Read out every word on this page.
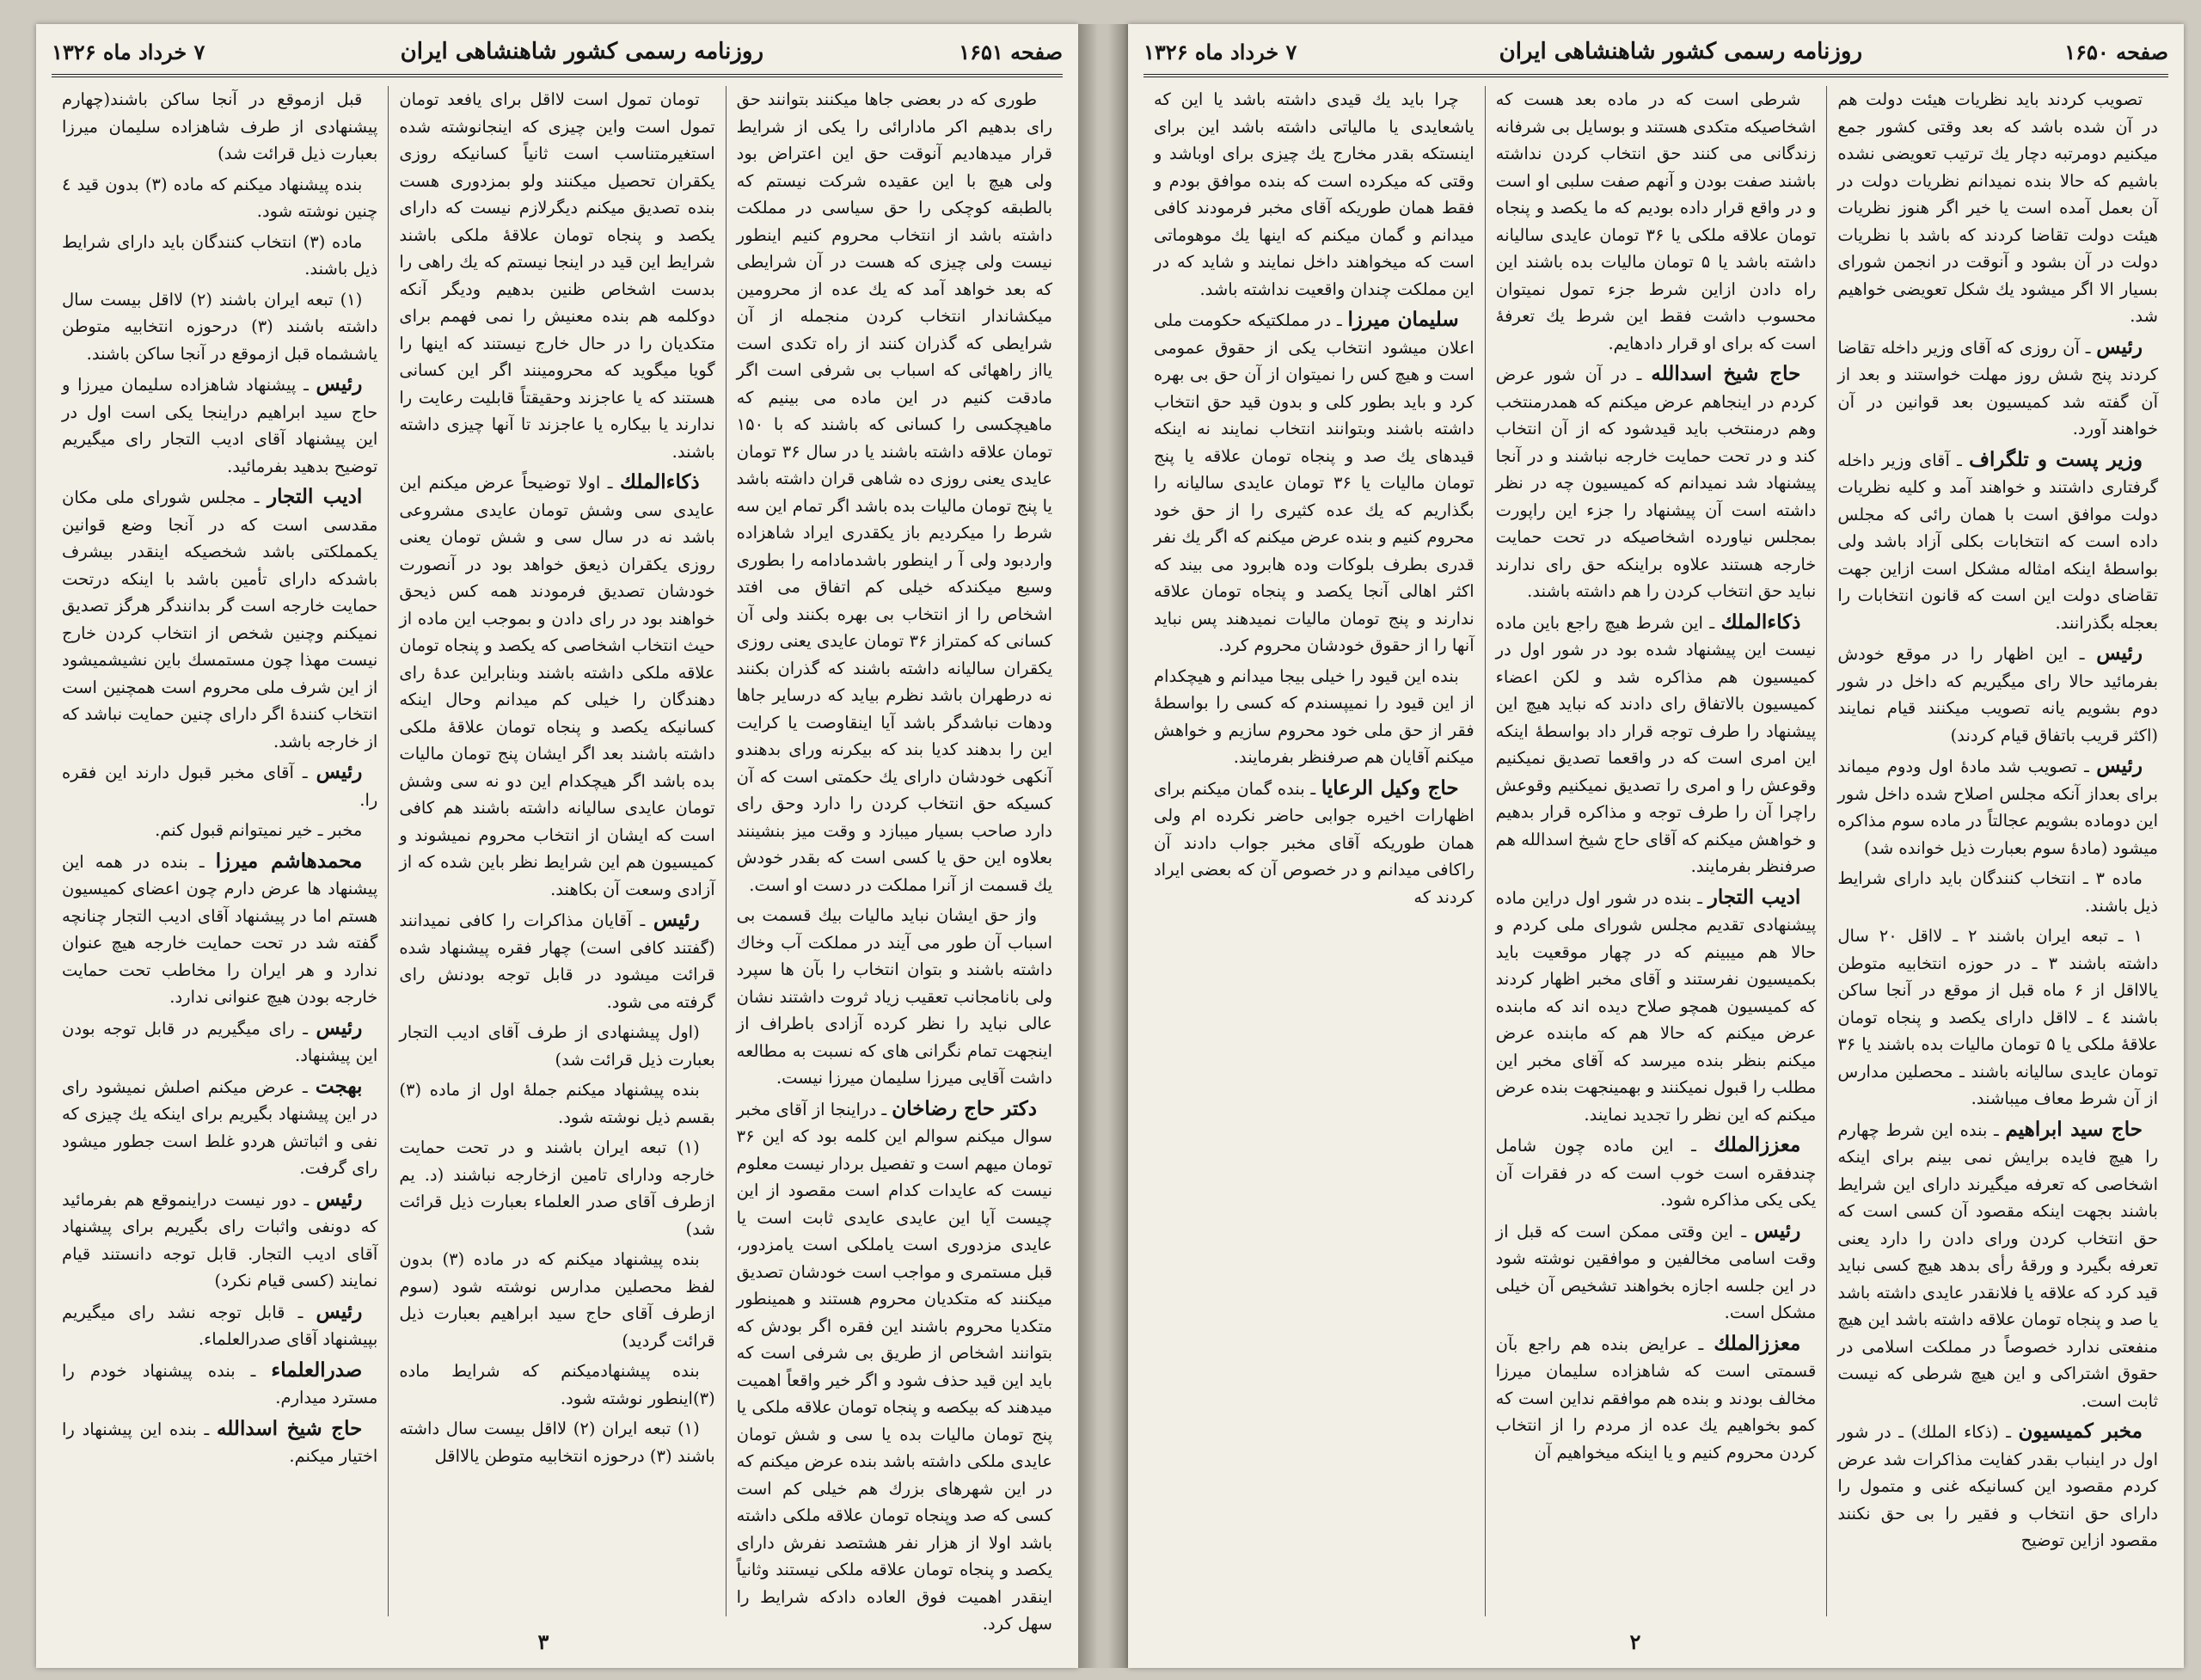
صفحه ۱۶۵۱
روزنامه رسمی کشور شاهنشاهی ایران
۷ خرداد ماه ۱۳۲۶

طوری که در بعضی جاها میکنند بتوانند حق رای بدهیم اکر مادارائی را یکی از شرایط قرار میدهادیم آنوقت حق این اعتراض بود ولی هیچ با این عقیده شرکت نیستم که بالطبقه کوچکی را حق سیاسی در مملکت داشته باشد از انتخاب محروم کنیم اینطور نیست ولی چیزی که هست در آن شرایطی که بعد خواهد آمد که یك عده از محرومین میکشاندار انتخاب کردن منجمله از آن شرایطی که گذران کنند از راه تکدی است یااز راههائی که اسباب بی شرفی است اگر مادقت کنیم در این ماده می بینیم که ماهیچکسی را کسانی که باشند که با ۱۵۰ تومان علاقه داشته باشند یا در سال ۳۶ تومان عایدی یعنی روزی ده شاهی قران داشته باشد یا پنج تومان مالیات بده باشد اگر تمام این سه شرط را میکردیم باز یکقدری ایراد شاهزاده واردبود ولی آ ر اینطور باشدمادامه را بطوری وسیع میکندکه خیلی کم اتفاق می افتد اشخاص را از انتخاب بی بهره بکنند ولی آن کسانی که کمتراز ۳۶ تومان عایدی یعنی روزی یکقران سالیانه داشته باشند که گذران بکنند نه درطهران باشد نظرم بیاید که درسایر جاها ودهات نباشدگر باشد آیا اینقاوصت یا کرایت این را بدهند کدیا بند که بیکرنه وراى بدهندو آنکهی خودشان دارای یك حکمتی است که آن کسیکه حق انتخاب کردن را دارد وحق رای دارد صاحب بسیار میبازد و وقت میز بنشینند بعلاوه این حق یا کسی است که بقدر خودش یك قسمت از آنرا مملکت در دست او است.

واز حق ایشان نباید مالیات بیك قسمت بی اسباب آن طور می آیند در مملکت آب وخاك داشته باشند و بتوان انتخاب را بآن ها سپرد ولی بانامجانب تعقیب زیاد ثروت داشتند نشان عالی نباید را نظر کرده آزادی باطراف از اینجهت تمام نگرانی های که نسبت به مطالعه داشت آقایی میرزا سلیمان میرزا نیست.

دکتر حاج رضاخان ـ دراینجا از آقای مخبر سوال میکنم سوالم این کلمه بود که این ۳۶ تومان میهم است و تفصیل بردار نیست معلوم نیست که عایدات کدام است مقصود از این چیست آیا این عایدی عایدی ثابت است یا عایدی مزدوری است یاملکی است یامزدور، قبل مستمری و مواجب است خودشان تصدیق میکنند که متکدیان محروم هستند و همینطور متکدیا محروم باشند این فقره اگر بودش که بتوانند اشخاص از طریق بی شرفی است که باید این قید حذف شود و اگر خیر واقعاً اهمیت میدهند که بیکصه و پنجاه تومان علاقه ملکی یا پنج تومان مالیات بده یا سی و شش تومان عایدی ملکی داشته باشد بنده عرض میکنم که در این شهرهای بزرك هم خیلی کم است کسی که صد وپنجاه تومان علاقه ملکی داشته باشد اولا از هزار نفر هشتصد نفرش دارای یکصد و پنجاه تومان علاقه ملکی نیستند وثانیاً اینقدر اهمیت فوق العاده دادکه شرایط را سهل کرد.

تومان تمول است لااقل برای یافعد تومان تمول است واین چیزی که اینجانوشته شده استغیرمتناسب است ثانیاً کسانیکه روزی یکقران تحصیل میکنند ولو بمزدوری هست بنده تصدیق میکنم دیگرلازم نیست که دارای یکصد و پنجاه تومان علاقهٔ ملکی باشند شرایط این قید در اینجا نیستم که یك راهی را بدست اشخاص ظنین بدهیم ودیگر آنکه دوکلمه هم بنده معنیش را نمی فهمم برای متکدیان را در حال خارج نیستند که اینها را گویا میگوید که محرومینند اگر این کسانی هستند که یا عاجزند وحقیقتاً قابلیت رعایت را ندارند یا بیکاره یا عاجزند تا آنها چیزی داشته باشند.

ذکاءالملك ـ اولا توضیحاً عرض میکنم این عایدی سی وشش تومان عایدی مشروعی باشد نه در سال سی و شش تومان یعنی روزی یکقران ذیعق خواهد بود در آنصورت خودشان تصدیق فرمودند همه کس ذیحق خواهند بود در رای دادن و بموجب این ماده از حیث انتخاب اشخاصی که یکصد و پنجاه تومان علاقه ملکی داشته باشند وبنابراین عدهٔ رای دهندگان را خیلی کم میدانم وحال اینکه کسانیکه یکصد و پنجاه تومان علاقهٔ ملکی داشته باشند بعد اگر ایشان پنج تومان مالیات بده باشد اگر هیچکدام این دو نه سی وشش تومان عایدی سالیانه داشته باشند هم کافی است که ایشان از انتخاب محروم نمیشوند و کمیسیون هم این شرایط نظر باین شده که از آزادی وسعت آن بکاهند.

رئیس ـ آقایان مذاکرات را کافی نمیدانند (گفتند کافی است) چهار فقره پیشنهاد شده قرائت میشود در قابل توجه بودنش رای گرفته می شود.

(اول پیشنهادی از طرف آقای ادیب التجار بعبارت ذیل قرائت شد)

بنده پیشنهاد میکنم جملهٔ اول از ماده (۳) بقسم ذیل نوشته شود.

(۱) تبعه ایران باشند و در تحت حمایت خارجه ودارای تامین ازخارجه نباشند (د. یم ازطرف آقای صدر العلماء بعبارت ذیل قرائت شد)

بنده پیشنهاد میکنم که در ماده (۳) بدون لفظ محصلین مدارس نوشته شود (سوم ازطرف آقای حاج سید ابراهیم بعبارت ذیل قرائت گردید)

بنده پیشنهادمیکنم که شرایط ماده (۳)اینطور نوشته شود.

(۱) تبعه ایران (۲) لااقل بیست سال داشته باشند (۳) درحوزه انتخابیه متوطن یالااقل

قبل ازموقع در آنجا ساکن باشند(چهارم پیشنهادی از طرف شاهزاده سلیمان میرزا بعبارت ذیل قرائت شد)

بنده پیشنهاد میکنم که ماده (۳) بدون قید ٤ چنین نوشته شود.

ماده (۳) انتخاب کنندگان باید دارای شرایط ذیل باشند.

(۱) تبعه ایران باشند (۲) لااقل بیست سال داشته باشند (۳) درحوزه انتخابیه متوطن یاششماه قبل ازموقع در آنجا ساکن باشند.

رئیس ـ پیشنهاد شاهزاده سلیمان میرزا و حاج سید ابراهیم دراینجا یکی است اول در این پیشنهاد آقای ادیب التجار رای میگیریم توضیح بدهید بفرمائید.

ادیب التجار ـ مجلس شورای ملی مکان مقدسی است که در آنجا وضع قوانین یکمملکتی باشد شخصیکه اینقدر بیشرف باشدکه دارای تأمین باشد با اینکه درتحت حمایت خارجه است گر بدانندگر هرگز تصدیق نمیکنم وچنین شخص از انتخاب کردن خارج نیست مهذا چون مستمسك باین نشیشمیشود از این شرف ملی محروم است همچنین است انتخاب کنندهٔ اگر دارای چنین حمایت نباشد که از خارجه باشد.

رئیس ـ آقای مخبر قبول دارند این فقره را.

مخبر ـ خیر نمیتوانم قبول کنم.

محمدهاشم میرزا ـ بنده در همه این پیشنهاد ها عرض دارم چون اعضای کمیسیون هستم اما در پیشنهاد آقای ادیب التجار چنانچه گفته شد در تحت حمایت خارجه هیچ عنوان ندارد و هر ایران را مخاطب تحت حمایت خارجه بودن هیچ عنوانی ندارد.

رئیس ـ رای میگیریم در قابل توجه بودن این پیشنهاد.

بهجت ـ عرض میکنم اصلش نمیشود رای در این پیشنهاد بگیریم برای اینکه یك چیزی که نفی و اثباتش هردو غلط است جطور میشود رای گرفت.

رئیس ـ دور نیست دراینموقع هم بفرمائید که دونفی واثبات رای بگیریم برای پیشنهاد آقای ادیب التجار. قابل توجه دانستند قیام نمایند (کسی قیام نکرد)

رئیس ـ قابل توجه نشد رای میگیریم بپیشنهاد آقای صدرالعلماء.

صدرالعلماء ـ بنده پیشنهاد خودم را مسترد میدارم.

حاج شیخ اسدالله ـ بنده این پیشنهاد را اختیار میکنم.

۳
صفحه ۱۶۵۰
روزنامه رسمی کشور شاهنشاهی ایران
۷ خرداد ماه ۱۳۲۶

تصویب کردند باید نظریات هیئت دولت هم در آن شده باشد که بعد وقتی کشور جمع میکنیم دومرتبه دچار یك ترتیب تعویضی نشده باشیم که حالا بنده نمیدانم نظریات دولت در آن بعمل آمده است یا خیر اگر هنوز نظریات هیئت دولت تقاضا کردند که باشد با نظریات دولت در آن بشود و آنوقت در انجمن شورای بسیار الا اگر میشود یك شکل تعویضی خواهیم شد.

رئیس ـ آن روزی که آقای وزیر داخله تقاضا کردند پنج شش روز مهلت خواستند و بعد از آن گفته شد کمیسیون بعد قوانین در آن خواهند آورد.

وزیر پست و تلگراف ـ آقای وزیر داخله گرفتاری داشتند و خواهند آمد و کلیه نظریات دولت موافق است با همان رائی که مجلس داده است که انتخابات بکلی آزاد باشد ولی بواسطهٔ اینکه امثاله مشکل است ازاین جهت تقاضای دولت این است که قانون انتخابات را بعجله بگذرانند.

رئیس ـ این اظهار را در موقع خودش بفرمائید حالا رای میگیریم که داخل در شور دوم بشویم یانه تصویب میکنند قیام نمایند (اکثر قریب باتفاق قیام کردند)

رئیس ـ تصویب شد مادهٔ اول ودوم میماند برای بعداز آنکه مجلس اصلاح شده داخل شور این دوماده بشویم عجالتاً در ماده سوم مذاکره میشود (مادهٔ سوم بعبارت ذیل خوانده شد)

ماده ۳ ـ انتخاب کنندگان باید دارای شرایط ذیل باشند.

۱ ـ تبعه ایران باشند ۲ ـ لااقل ۲۰ سال داشته باشند ۳ ـ در حوزه انتخابیه متوطن یالااقل از ۶ ماه قبل از موقع در آنجا ساکن باشند ٤ ـ لااقل دارای یکصد و پنجاه تومان علاقهٔ ملکی یا ۵ تومان مالیات بده باشند یا ۳۶ تومان عایدی سالیانه باشند ـ محصلین مدارس از آن شرط معاف میباشند.

حاج سید ابراهیم ـ بنده این شرط چهارم را هیچ فایده برایش نمی بینم برای اینکه اشخاصی که تعرفه میگیرند دارای این شرایط باشند بجهت اینکه مقصود آن کسی است که حق انتخاب کردن وراى دادن را دارد یعنی تعرفه بگیرد و ورقهٔ رأی بدهد هیچ کسی نباید قید کرد که علاقه یا فلانقدر عایدی داشته باشد یا صد و پنجاه تومان علاقه داشته باشد این هیچ منفعتی ندارد خصوصاً در مملکت اسلامی در حقوق اشتراکی و این هیچ شرطی که نیست ثابت است.

مخبر کمیسیون ـ (ذکاء الملك) ـ در شور اول در اینباب بقدر کفایت مذاکرات شد عرض کردم مقصود این کسانیکه غنی و متمول را دارای حق انتخاب و فقیر را بی حق نکنند مقصود ازاین توضیح

شرطی است که در ماده بعد هست که اشخاصیکه متکدی هستند و بوسایل بی شرفانه زندگانی می کنند حق انتخاب کردن نداشته باشند صفت بودن و آنهم صفت سلبی او است و در واقع قرار داده بودیم که ما یکصد و پنجاه تومان علاقه ملکی یا ۳۶ تومان عایدی سالیانه داشته باشد یا ۵ تومان مالیات بده باشند این راه دادن ازاین شرط جزء تمول نمیتوان محسوب داشت فقط این شرط یك تعرفهٔ است که برای او قرار دادهایم.

حاج شیخ اسدالله ـ در آن شور عرض کردم در اینجاهم عرض میکنم که همدرمنتخب وهم درمنتخب باید قیدشود که از آن انتخاب کند و در تحت حمایت خارجه نباشند و در آنجا پیشنهاد شد نمیدانم که کمیسیون چه در نظر داشته است آن پیشنهاد را جزء این راپورت بمجلس نیاورده اشخاصیکه در تحت حمایت خارجه هستند علاوه براینکه حق رای ندارند نباید حق انتخاب کردن را هم داشته باشند.

ذکاءالملك ـ این شرط هیچ راجع باین ماده نیست این پیشنهاد شده بود در شور اول در کمیسیون هم مذاکره شد و لکن اعضاء کمیسیون بالاتفاق رای دادند که نباید هیچ این پیشنهاد را طرف توجه قرار داد بواسطهٔ اینکه این امری است که در واقعما تصدیق نمیکنیم وقوعش را و امری را تصدیق نمیکنیم وقوعش راچرا آن را طرف توجه و مذاکره قرار بدهیم و خواهش میکنم که آقای حاج شیخ اسدالله هم صرفنظر بفرمایند.

ادیب التجار ـ بنده در شور اول دراین ماده پیشنهادی تقدیم مجلس شورای ملی کردم و حالا هم میبینم که در چهار موقعیت باید بکمیسیون نفرستند و آقای مخبر اظهار کردند که کمیسیون همچو صلاح دیده اند که مابنده عرض میکنم که حالا هم که مابنده عرض میکنم بنظر بنده میرسد که آقای مخبر این مطلب را قبول نمیکنند و بهمینجهت بنده عرض میکنم که این نظر را تجدید نمایند.

معززالملك ـ این ماده چون شامل چندفقره است خوب است که در فقرات آن یکی یکی مذاکره شود.

رئیس ـ این وقتی ممکن است که قبل از وقت اسامی مخالفین و موافقین نوشته شود در این جلسه اجازه بخواهند تشخیص آن خیلی مشکل است.

معززالملك ـ عرایض بنده هم راجع بآن قسمتی است که شاهزاده سلیمان میرزا مخالف بودند و بنده هم موافقم نداین است که کمو بخواهیم یك عده از مردم را از انتخاب کردن محروم کنیم و یا اینکه میخواهیم آن

چرا باید یك قیدی داشته باشد یا این که یاشعایدی یا مالیاتی داشته باشد این برای اینستکه بقدر مخارج یك چیزی برای اوباشد و وقتی که میکرده است که بنده موافق بودم و فقط همان طوریکه آقای مخبر فرمودند کافی میدانم و گمان میکنم که اینها یك موهوماتی است که میخواهند داخل نمایند و شاید که در این مملکت چندان واقعیت نداشته باشد.

سلیمان میرزا ـ در مملکتیکه حکومت ملی اعلان میشود انتخاب یکی از حقوق عمومی است و هیچ کس را نمیتوان از آن حق بی بهره کرد و باید بطور کلی و بدون قید حق انتخاب داشته باشند وبتوانند انتخاب نمایند نه اینکه قیدهای یك صد و پنجاه تومان علاقه یا پنج تومان مالیات یا ۳۶ تومان عایدی سالیانه را بگذاریم که یك عده کثیری را از حق خود محروم کنیم و بنده عرض میکنم که اگر یك نفر قدری بطرف بلوکات وده هابرود می بیند که اکثر اهالی آنجا یکصد و پنجاه تومان علاقه ندارند و پنج تومان مالیات نمیدهند پس نباید آنها را از حقوق خودشان محروم کرد.

بنده این قیود را خیلی بیجا میدانم و هیچکدام از این قیود را نمیپسندم که کسی را بواسطهٔ فقر از حق ملی خود محروم سازیم و خواهش میکنم آقایان هم صرفنظر بفرمایند.

حاج وکیل الرعایا ـ بنده گمان میکنم برای اظهارات اخیره جوابی حاضر نکرده ام ولی همان طوریکه آقای مخبر جواب دادند آن راکافی میدانم و در خصوص آن که بعضی ایراد کردند که

۲
